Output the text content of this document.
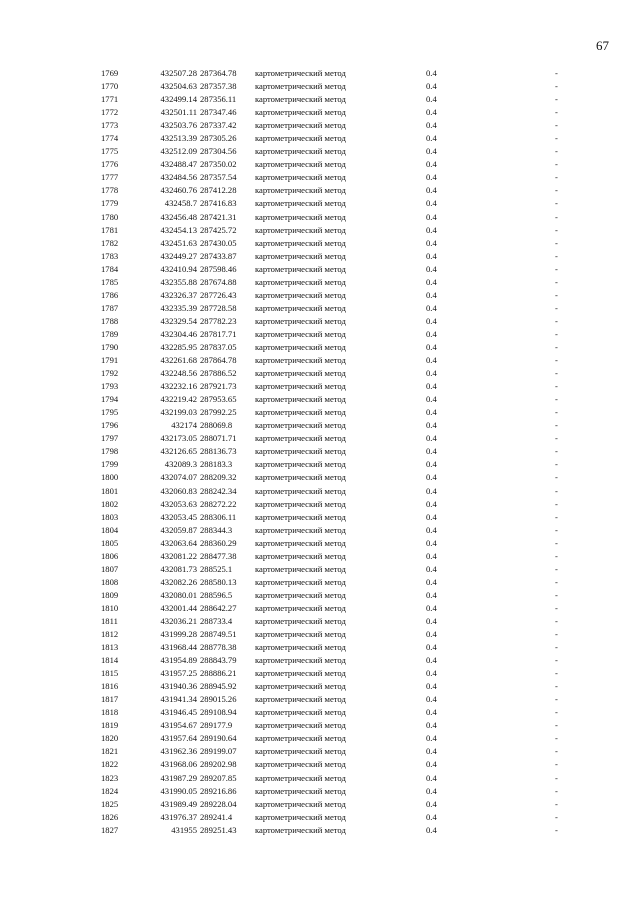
67
1769	432507.28 287364.78 картометрический метод	0.4	-
1770	432504.63 287357.38 картометрический метод	0.4	-
1771	432499.14 287356.11 картометрический метод	0.4	-
1772	432501.11 287347.46 картометрический метод	0.4	-
1773	432503.76 287337.42 картометрический метод	0.4	-
1774	432513.39 287305.26 картометрический метод	0.4	-
1775	432512.09 287304.56 картометрический метод	0.4	-
1776	432488.47 287350.02 картометрический метод	0.4	-
1777	432484.56 287357.54 картометрический метод	0.4	-
1778	432460.76 287412.28 картометрический метод	0.4	-
1779	432458.7 287416.83 картометрический метод	0.4	-
1780	432456.48 287421.31 картометрический метод	0.4	-
1781	432454.13 287425.72 картометрический метод	0.4	-
1782	432451.63 287430.05 картометрический метод	0.4	-
1783	432449.27 287433.87 картометрический метод	0.4	-
1784	432410.94 287598.46 картометрический метод	0.4	-
1785	432355.88 287674.88 картометрический метод	0.4	-
1786	432326.37 287726.43 картометрический метод	0.4	-
1787	432335.39 287728.58 картометрический метод	0.4	-
1788	432329.54 287782.23 картометрический метод	0.4	-
1789	432304.46 287817.71 картометрический метод	0.4	-
1790	432285.95 287837.05 картометрический метод	0.4	-
1791	432261.68 287864.78 картометрический метод	0.4	-
1792	432248.56 287886.52 картометрический метод	0.4	-
1793	432232.16 287921.73 картометрический метод	0.4	-
1794	432219.42 287953.65 картометрический метод	0.4	-
1795	432199.03 287992.25 картометрический метод	0.4	-
1796	432174 288069.8	картометрический метод	0.4	-
1797	432173.05 288071.71 картометрический метод	0.4	-
1798	432126.65 288136.73 картометрический метод	0.4	-
1799	432089.3 288183.3	картометрический метод	0.4	-
1800	432074.07 288209.32 картометрический метод	0.4	-
1801	432060.83 288242.34 картометрический метод	0.4	-
1802	432053.63 288272.22 картометрический метод	0.4	-
1803	432053.45 288306.11 картометрический метод	0.4	-
1804	432059.87 288344.3	картометрический метод	0.4	-
1805	432063.64 288360.29 картометрический метод	0.4	-
1806	432081.22 288477.38 картометрический метод	0.4	-
1807	432081.73 288525.1	картометрический метод	0.4	-
1808	432082.26 288580.13 картометрический метод	0.4	-
1809	432080.01 288596.5	картометрический метод	0.4	-
1810	432001.44 288642.27 картометрический метод	0.4	-
1811	432036.21 288733.4	картометрический метод	0.4	-
1812	431999.28 288749.51 картометрический метод	0.4	-
1813	431968.44 288778.38 картометрический метод	0.4	-
1814	431954.89 288843.79 картометрический метод	0.4	-
1815	431957.25 288886.21 картометрический метод	0.4	-
1816	431940.36 288945.92 картометрический метод	0.4	-
1817	431941.34 289015.26 картометрический метод	0.4	-
1818	431946.45 289108.94 картометрический метод	0.4	-
1819	431954.67 289177.9	картометрический метод	0.4	-
1820	431957.64 289190.64 картометрический метод	0.4	-
1821	431962.36 289199.07 картометрический метод	0.4	-
1822	431968.06 289202.98 картометрический метод	0.4	-
1823	431987.29 289207.85 картометрический метод	0.4	-
1824	431990.05 289216.86 картометрический метод	0.4	-
1825	431989.49 289228.04 картометрический метод	0.4	-
1826	431976.37 289241.4	картометрический метод	0.4	-
1827	431955 289251.43 картометрический метод	0.4	-
